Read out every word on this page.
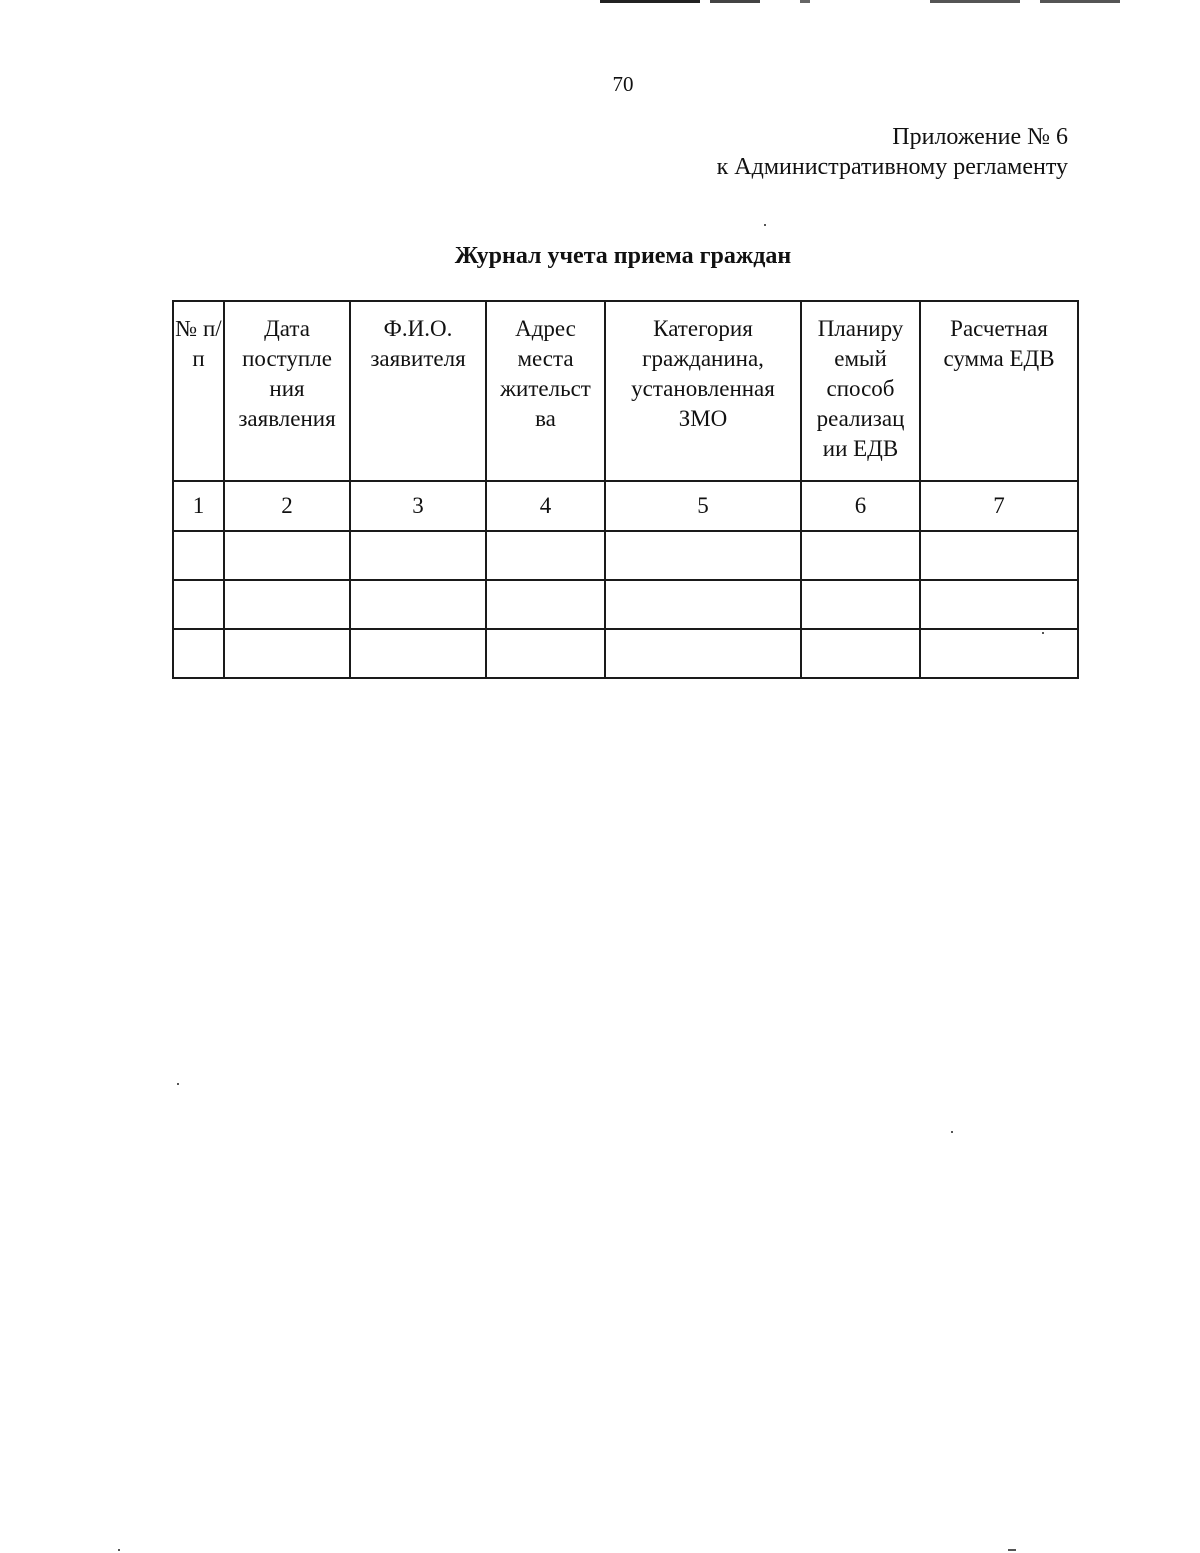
70
Приложение № 6
к Административному регламенту
Журнал учета приема граждан
№ п/п	Дата поступле ния заявления	Ф.И.О. заявителя	Адрес места жительст ва	Категория гражданина, установленная ЗМО	Планиру емый способ реализац ии ЕДВ	Расчетная сумма ЕДВ
1	2	3	4	5	6	7
